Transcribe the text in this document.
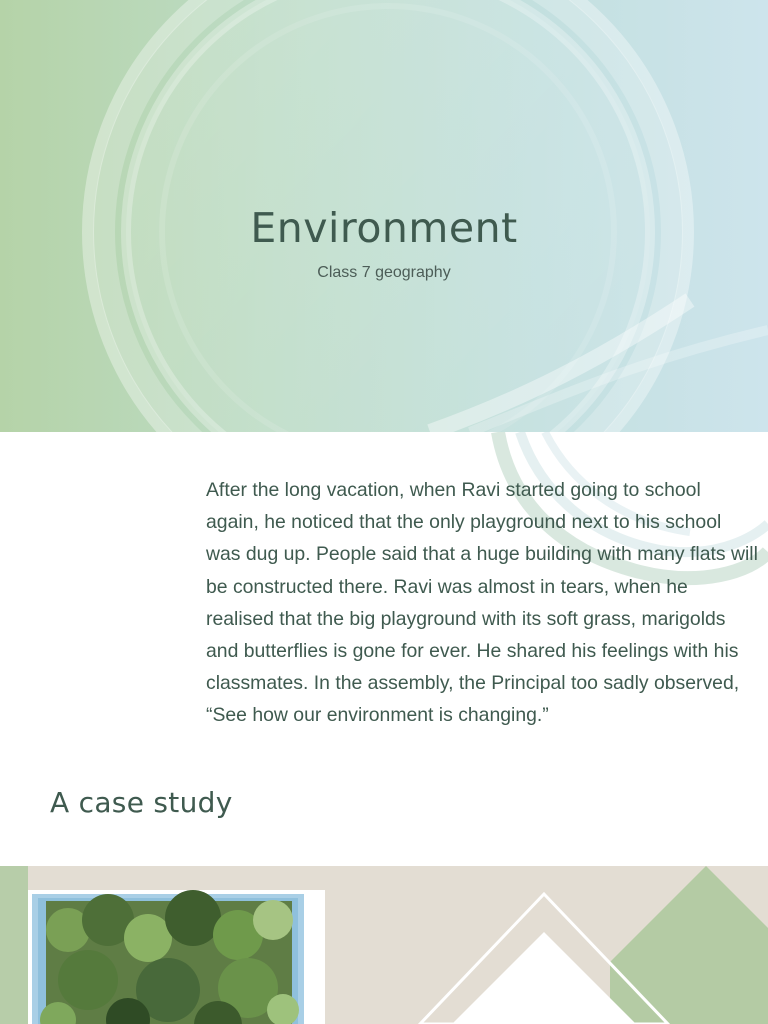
Environment
Class 7 geography

After the long vacation, when Ravi started going to school again, he noticed that the only playground next to his school was dug up. People said that a huge building with many flats will be constructed there. Ravi was almost in tears, when he realised that the big playground with its soft grass, marigolds and butterflies is gone for ever. He shared his feelings with his classmates. In the assembly, the Principal too sadly observed, “See how our environment is changing.”

A case study
